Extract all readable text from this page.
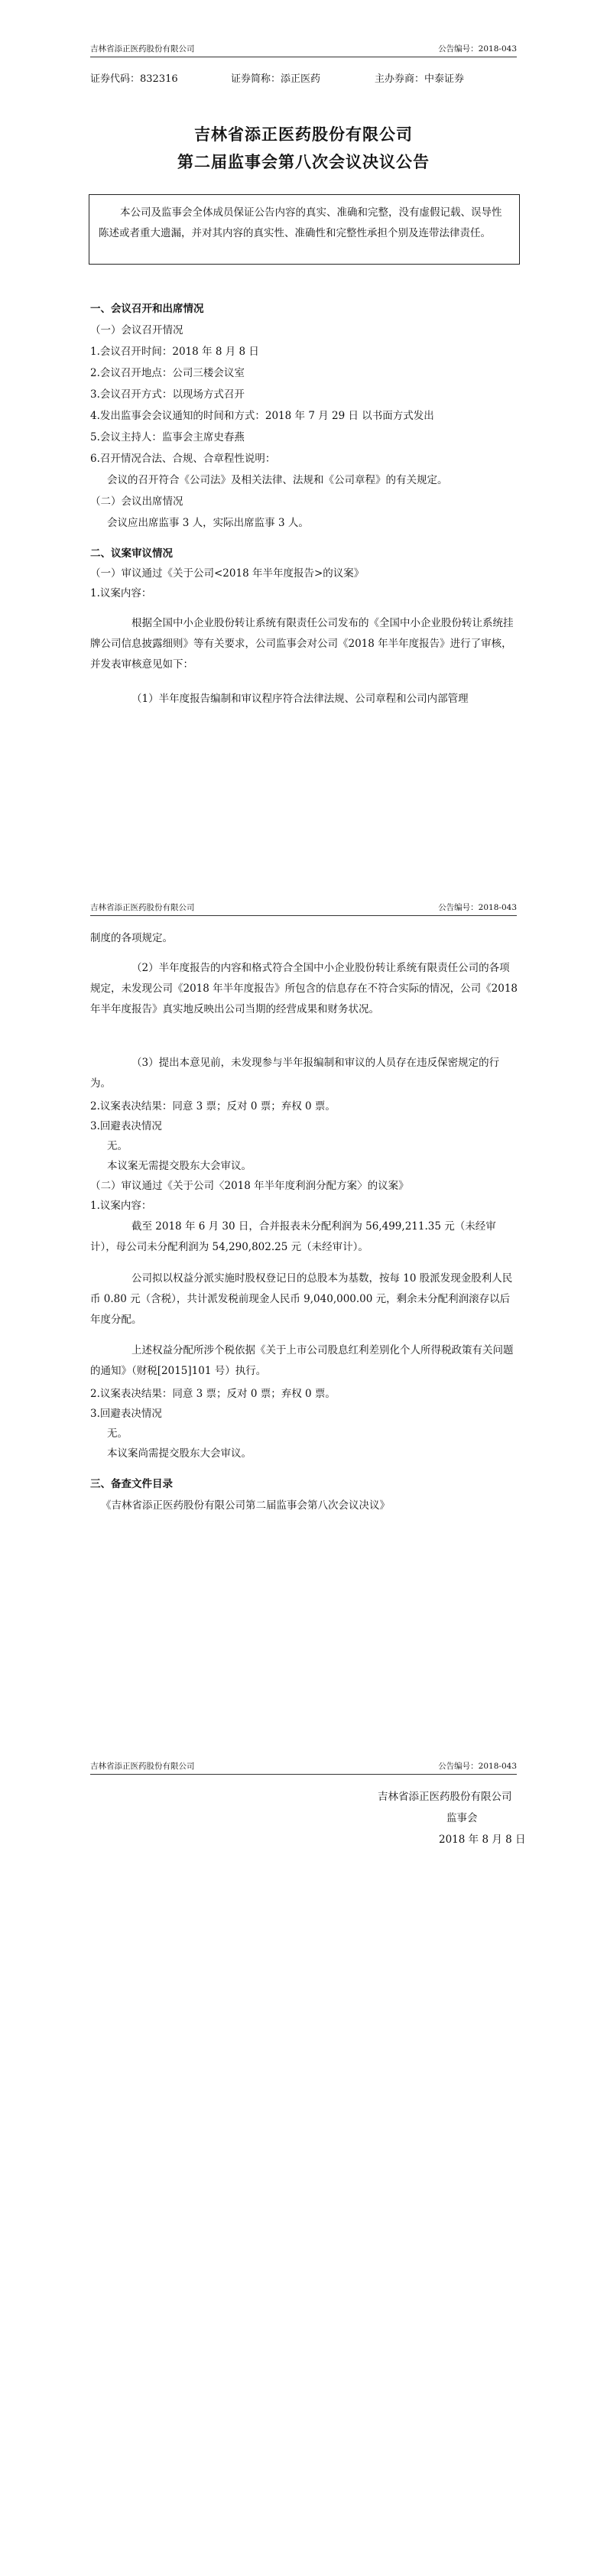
吉林省添正医药股份有限公司	公告编号：2018-043
证券代码：832316	证券简称：添正医药	主办券商：中泰证券
吉林省添正医药股份有限公司
第二届监事会第八次会议决议公告
本公司及监事会全体成员保证公告内容的真实、准确和完整，没有虚假记载、误导性陈述或者重大遗漏，并对其内容的真实性、准确性和完整性承担个别及连带法律责任。
一、会议召开和出席情况
（一）会议召开情况
1.会议召开时间：2018 年 8 月 8 日
2.会议召开地点：公司三楼会议室
3.会议召开方式：以现场方式召开
4.发出监事会会议通知的时间和方式：2018 年 7 月 29 日 以书面方式发出
5.会议主持人：监事会主席史春燕
6.召开情况合法、合规、合章程性说明：
会议的召开符合《公司法》及相关法律、法规和《公司章程》的有关规定。
（二）会议出席情况
会议应出席监事 3 人，实际出席监事 3 人。
二、议案审议情况
（一）审议通过《关于公司<2018 年半年度报告>的议案》
1.议案内容：
根据全国中小企业股份转让系统有限责任公司发布的《全国中小企业股份转让系统挂牌公司信息披露细则》等有关要求，公司监事会对公司《2018 年半年度报告》进行了审核，并发表审核意见如下：
（1）半年度报告编制和审议程序符合法律法规、公司章程和公司内部管理
吉林省添正医药股份有限公司	公告编号：2018-043
制度的各项规定。
（2）半年度报告的内容和格式符合全国中小企业股份转让系统有限责任公司的各项规定，未发现公司《2018 年半年度报告》所包含的信息存在不符合实际的情况，公司《2018 年半年度报告》真实地反映出公司当期的经营成果和财务状况。
（3）提出本意见前，未发现参与半年报编制和审议的人员存在违反保密规定的行为。
2.议案表决结果：同意 3 票；反对 0 票；弃权 0 票。
3.回避表决情况
无。
本议案无需提交股东大会审议。
（二）审议通过《关于公司〈2018 年半年度利润分配方案〉的议案》
1.议案内容：
截至 2018 年 6 月 30 日，合并报表未分配利润为 56,499,211.35 元（未经审计），母公司未分配利润为 54,290,802.25 元（未经审计）。
公司拟以权益分派实施时股权登记日的总股本为基数，按每 10 股派发现金股利人民币 0.80 元（含税），共计派发税前现金人民币 9,040,000.00 元，剩余未分配利润滚存以后年度分配。
上述权益分配所涉个税依据《关于上市公司股息红利差别化个人所得税政策有关问题的通知》（财税[2015]101 号）执行。
2.议案表决结果：同意 3 票；反对 0 票；弃权 0 票。
3.回避表决情况
无。
本议案尚需提交股东大会审议。
三、备查文件目录
《吉林省添正医药股份有限公司第二届监事会第八次会议决议》
吉林省添正医药股份有限公司	公告编号：2018-043
吉林省添正医药股份有限公司
监事会
2018 年 8 月 8 日
